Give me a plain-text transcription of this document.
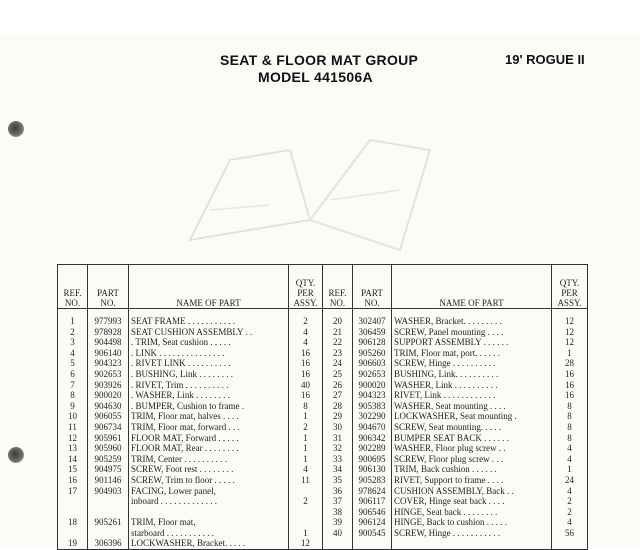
SEAT & FLOOR MAT GROUP
MODEL 441506A
19' ROGUE II
REF.
NO.	PART
NO.	NAME OF PART	QTY.
PER
ASSY.	REF.
NO.	PART
NO.	NAME OF PART	QTY.
PER
ASSY.
1	977993	SEAT FRAME . . . . . . . . . . .	2	20	302407	WASHER, Bracket. . . . . . . . .	12
2	978928	SEAT CUSHION ASSEMBLY . .	4	21	306459	SCREW, Panel mounting . . . .	12
3	904498	. TRIM, Seat cushion . . . . .	4	22	906128	SUPPORT ASSEMBLY . . . . . .	12
4	906140	. LINK . . . . . . . . . . . . . . .	16	23	905260	TRIM, Floor mat, port. . . . . .	1
5	904323	. RIVET LINK . . . . . . . . . .	16	24	906603	SCREW, Hinge . . . . . . . . . .	28
6	902653	. BUSHING, Link . . . . . . . .	16	25	902653	BUSHING, Link. . . . . . . . . .	16
7	903926	. RIVET, Trim . . . . . . . . . .	40	26	900020	WASHER, Link . . . . . . . . . .	16
8	900020	. WASHER, Link . . . . . . . .	16	27	904323	RIVET, Link . . . . . . . . . . . .	16
9	904630	. BUMPER, Cushion to frame .	8	28	905383	WASHER, Seat mounting . . . .	8
10	906055	TRIM, Floor mat, halves . . . .	1	29	302290	LOCKWASHER, Seat mounting .	8
11	906734	TRIM, Floor mat, forward . . .	2	30	904670	SCREW, Seat mounting. . . . .	8
12	905961	FLOOR MAT, Forward . . . . .	1	31	906342	BUMPER SEAT BACK . . . . . .	8
13	905960	FLOOR MAT, Rear . . . . . . . .	1	32	902289	WASHER, Floor plug screw . .	4
14	905259	TRIM, Center . . . . . . . . . .	1	33	900695	SCREW, Floor plug screw . . .	4
15	904975	SCREW, Foot rest . . . . . . . .	4	34	906130	TRIM, Back cushion . . . . . .	1
16	901146	SCREW, Trim to floor . . . . .	11	35	905283	RIVET, Support to frame . . . .	24
17	904903	FACING, Lower panel,		36	978624	CUSHION ASSEMBLY, Back . .	4
		inboard . . . . . . . . . . . . .	2	37	906117	COVER, Hinge seat back . . . .	2
				38	906546	HINGE, Seat back . . . . . . . .	2
18	905261	TRIM, Floor mat,		39	906124	HINGE, Back to cushion . . . . .	4
		starboard . . . . . . . . . . .	1	40	900545	SCREW, Hinge . . . . . . . . . . .	56
19	306396	LOCKWASHER, Bracket. . . . .	12				
